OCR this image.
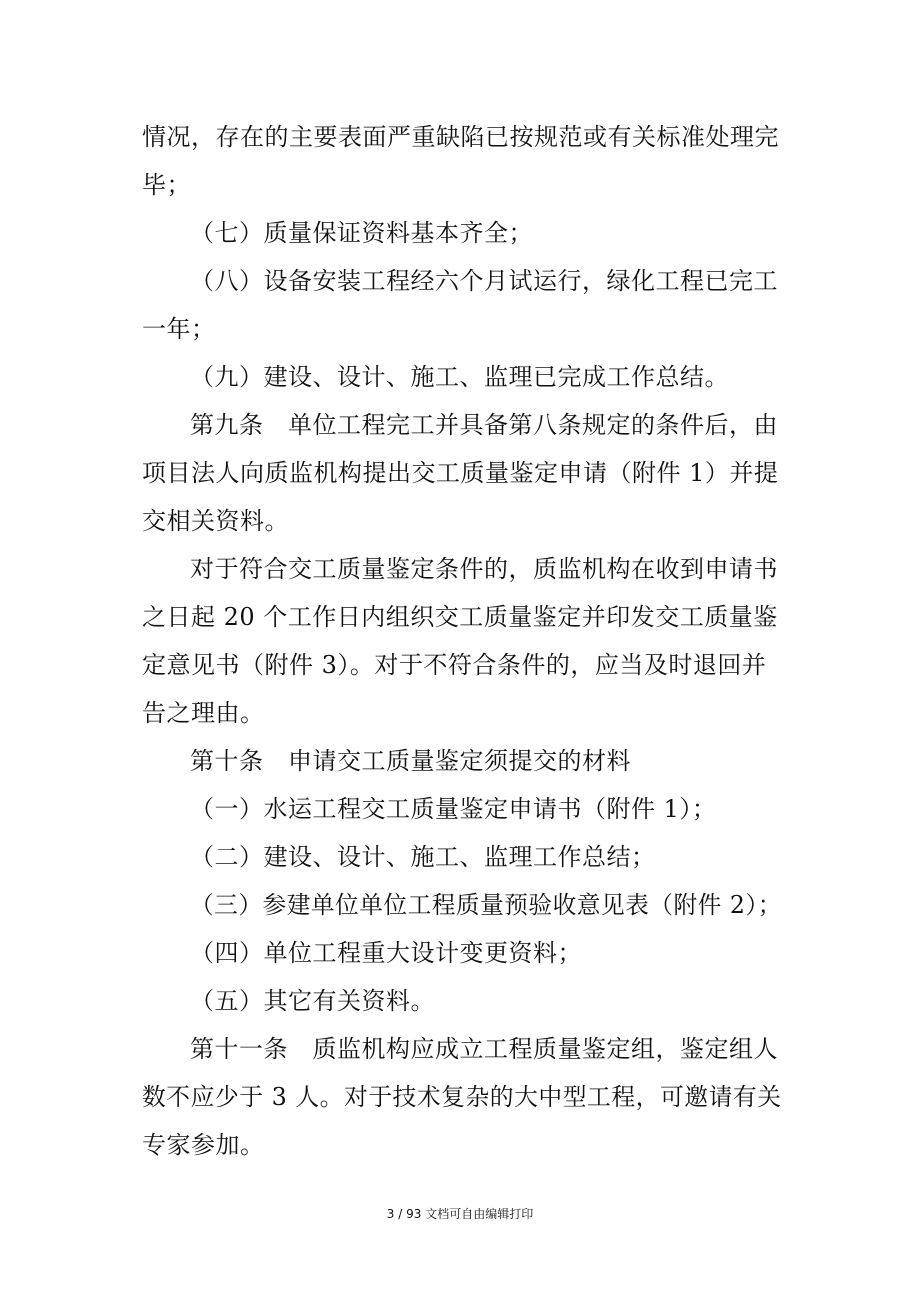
情况，存在的主要表面严重缺陷已按规范或有关标准处理完
毕；
（七）质量保证资料基本齐全；
（八）设备安装工程经六个月试运行，绿化工程已完工
一年；
（九）建设、设计、施工、监理已完成工作总结。
第九条　单位工程完工并具备第八条规定的条件后，由
项目法人向质监机构提出交工质量鉴定申请（附件 1）并提
交相关资料。
对于符合交工质量鉴定条件的，质监机构在收到申请书
之日起 20 个工作日内组织交工质量鉴定并印发交工质量鉴
定意见书（附件 3）。对于不符合条件的，应当及时退回并
告之理由。
第十条　申请交工质量鉴定须提交的材料
（一）水运工程交工质量鉴定申请书（附件 1）；
（二）建设、设计、施工、监理工作总结；
（三）参建单位单位工程质量预验收意见表（附件 2）；
（四）单位工程重大设计变更资料；
（五）其它有关资料。
第十一条　质监机构应成立工程质量鉴定组，鉴定组人
数不应少于 3 人。对于技术复杂的大中型工程，可邀请有关
专家参加。
3 / 93 文档可自由编辑打印
